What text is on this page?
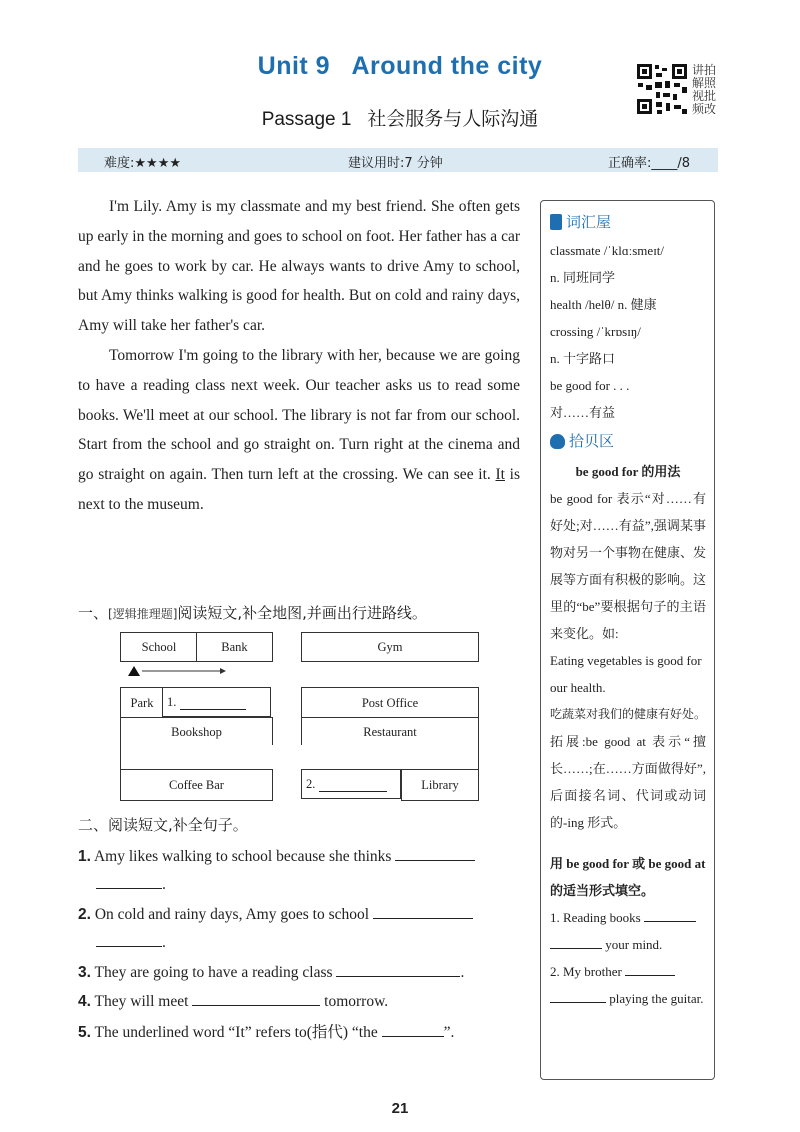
Unit 9   Around the city
Passage 1   社会服务与人际沟通
讲拍
解照
视批
频改
难度:★★★★	建议用时:7 分钟	正确率:____/8

I'm Lily. Amy is my classmate and my best friend. She often gets up early in the morning and goes to school on foot. Her father has a car and he goes to work by car. He always wants to drive Amy to school, but Amy thinks walking is good for health. But on cold and rainy days, Amy will take her father's car.

Tomorrow I'm going to the library with her, because we are going to have a reading class next week. Our teacher asks us to read some books. We'll meet at our school. The library is not far from our school. Start from the school and go straight on. Turn right at the cinema and go straight on again. Then turn left at the crossing. We can see it. It is next to the museum.

词汇屋
classmate /ˈklɑːsmeɪt/
n. 同班同学
health /helθ/ n. 健康
crossing /ˈkrɒsɪŋ/
n. 十字路口
be good for . . .
对……有益
拾贝区
be good for 的用法
be good for 表示“对……有好处;对……有益”,强调某事物对另一个事物在健康、发展等方面有积极的影响。这里的“be”要根据句子的主语来变化。如:
Eating vegetables is good for our health.
吃蔬菜对我们的健康有好处。
拓展:be good at 表示“擅长……;在……方面做得好”,后面接名词、代词或动词的-ing 形式。
用 be good for 或 be good at 的适当形式填空。
1. Reading books
your mind.
2. My brother
playing the guitar.
一、[逻辑推理题]阅读短文,补全地图,并画出行进路线。
School	Bank	Gym
Park	1.	Post Office
Bookshop	Restaurant
Coffee Bar	2.	Library
二、阅读短文,补全句子。
1. Amy likes walking to school because she thinks
.
2. On cold and rainy days, Amy goes to school
.
3. They are going to have a reading class	.
4. They will meet	tomorrow.
5. The underlined word “It” refers to(指代) “the	”.
21
